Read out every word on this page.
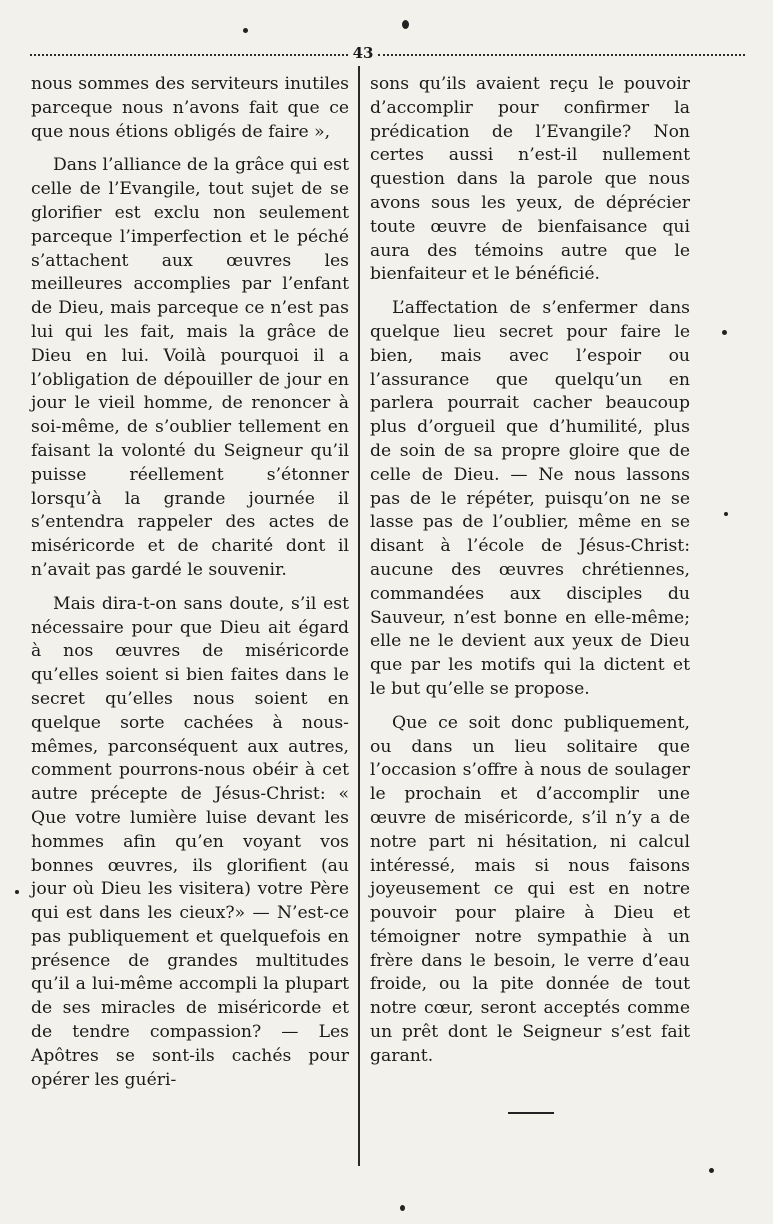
43

nous sommes des serviteurs inutiles parceque nous n’avons fait que ce que nous étions obligés de faire »,

Dans l’alliance de la grâce qui est celle de l’Evangile, tout sujet de se glorifier est exclu non seulement parceque l’imperfection et le péché s’attachent aux œuvres les meilleures accomplies par l’enfant de Dieu, mais parceque ce n’est pas lui qui les fait, mais la grâce de Dieu en lui. Voilà pourquoi il a l’obligation de dépouiller de jour en jour le vieil homme, de renoncer à soi-même, de s’oublier tellement en faisant la volonté du Seigneur qu’il puisse réellement s’étonner lorsqu’à la grande journée il s’entendra rappeler des actes de miséricorde et de charité dont il n’avait pas gardé le souvenir.

Mais dira-t-on sans doute, s’il est nécessaire pour que Dieu ait égard à nos œuvres de miséricorde qu’elles soient si bien faites dans le secret qu’elles nous soient en quelque sorte cachées à nous-mêmes, parconséquent aux autres, comment pourrons-nous obéir à cet autre précepte de Jésus-Christ: « Que votre lumière luise devant les hommes afin qu’en voyant vos bonnes œuvres, ils glorifient (au jour où Dieu les visitera) votre Père qui est dans les cieux?» — N’est-ce pas publiquement et quelquefois en présence de grandes multitudes qu’il a lui-même accompli la plupart de ses miracles de miséricorde et de tendre compassion? — Les Apôtres se sont-ils cachés pour opérer les guéri-

sons qu’ils avaient reçu le pouvoir d’accomplir pour confirmer la prédication de l’Evangile? Non certes aussi n’est-il nullement question dans la parole que nous avons sous les yeux, de déprécier toute œuvre de bienfaisance qui aura des témoins autre que le bienfaiteur et le bénéficié.

L’affectation de s’enfermer dans quelque lieu secret pour faire le bien, mais avec l’espoir ou l’assurance que quelqu’un en parlera pourrait cacher beaucoup plus d’orgueil que d’humilité, plus de soin de sa propre gloire que de celle de Dieu. — Ne nous lassons pas de le répéter, puisqu’on ne se lasse pas de l’oublier, même en se disant à l’école de Jésus-Christ: aucune des œuvres chrétiennes, commandées aux disciples du Sauveur, n’est bonne en elle-même; elle ne le devient aux yeux de Dieu que par les motifs qui la dictent et le but qu’elle se propose.

Que ce soit donc publiquement, ou dans un lieu solitaire que l’occasion s’offre à nous de soulager le prochain et d’accomplir une œuvre de miséricorde, s’il n’y a de notre part ni hésitation, ni calcul intéressé, mais si nous faisons joyeusement ce qui est en notre pouvoir pour plaire à Dieu et témoigner notre sympathie à un frère dans le besoin, le verre d’eau froide, ou la pite donnée de tout notre cœur, seront acceptés comme un prêt dont le Seigneur s’est fait garant.
